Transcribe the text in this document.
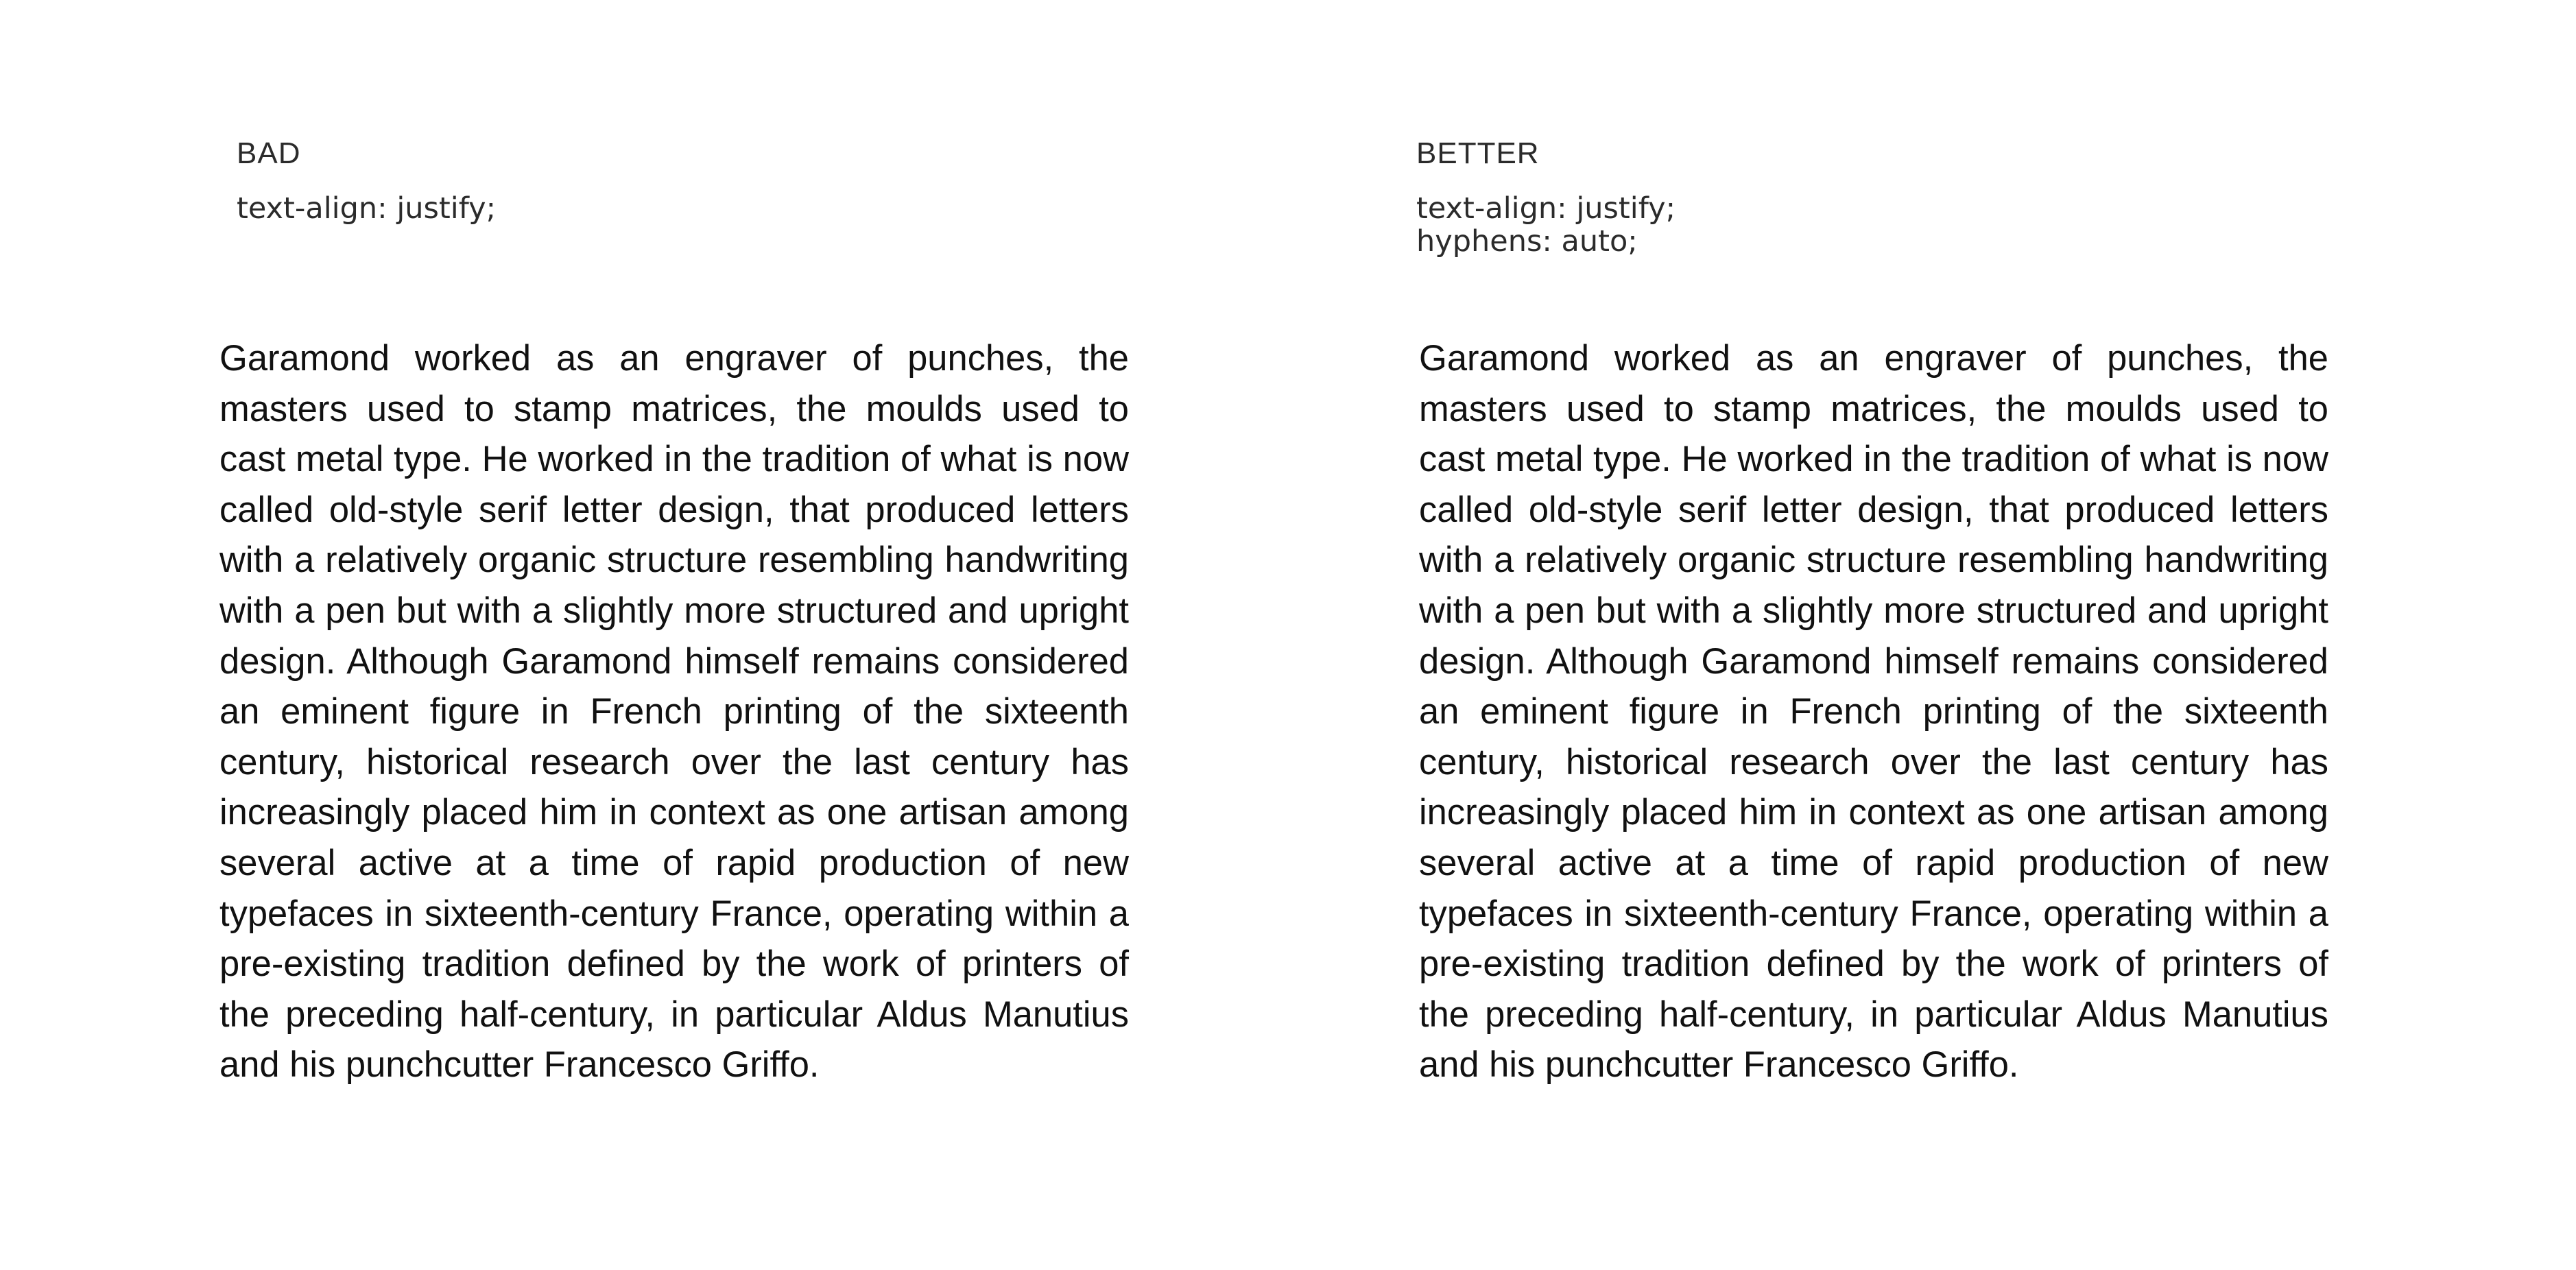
BAD
text-align: justify;

Garamond worked as an engraver of punches, the masters used to stamp matrices, the moulds used to cast metal type. He worked in the tradition of what is now called old-style serif letter design, that produced letters with a relatively organic structure resembling handwriting with a pen but with a slightly more structured and upright design. Although Garamond himself remains considered an eminent figure in French printing of the sixteenth century, historical research over the last century has increasingly placed him in context as one artisan among several active at a time of rapid production of new typefaces in sixteenth-century France, operating within a pre-existing tradition defined by the work of printers of the preceding half-century, in particular Aldus Manutius and his punchcutter Francesco Griffo.

BETTER
text-align: justify;
hyphens: auto;

Garamond worked as an engraver of punches, the masters used to stamp matrices, the moulds used to cast metal type. He worked in the tradition of what is now called old-style serif letter design, that produced letters with a relatively organic structure resembling handwriting with a pen but with a slightly more structured and upright design. Although Garamond himself remains considered an eminent figure in French printing of the sixteenth century, historical research over the last century has increasingly placed him in context as one artisan among several active at a time of rapid production of new typefaces in sixteenth-century France, operating within a pre-existing tradition defined by the work of printers of the preceding half-century, in particular Aldus Manutius and his punchcutter Francesco Griffo.
